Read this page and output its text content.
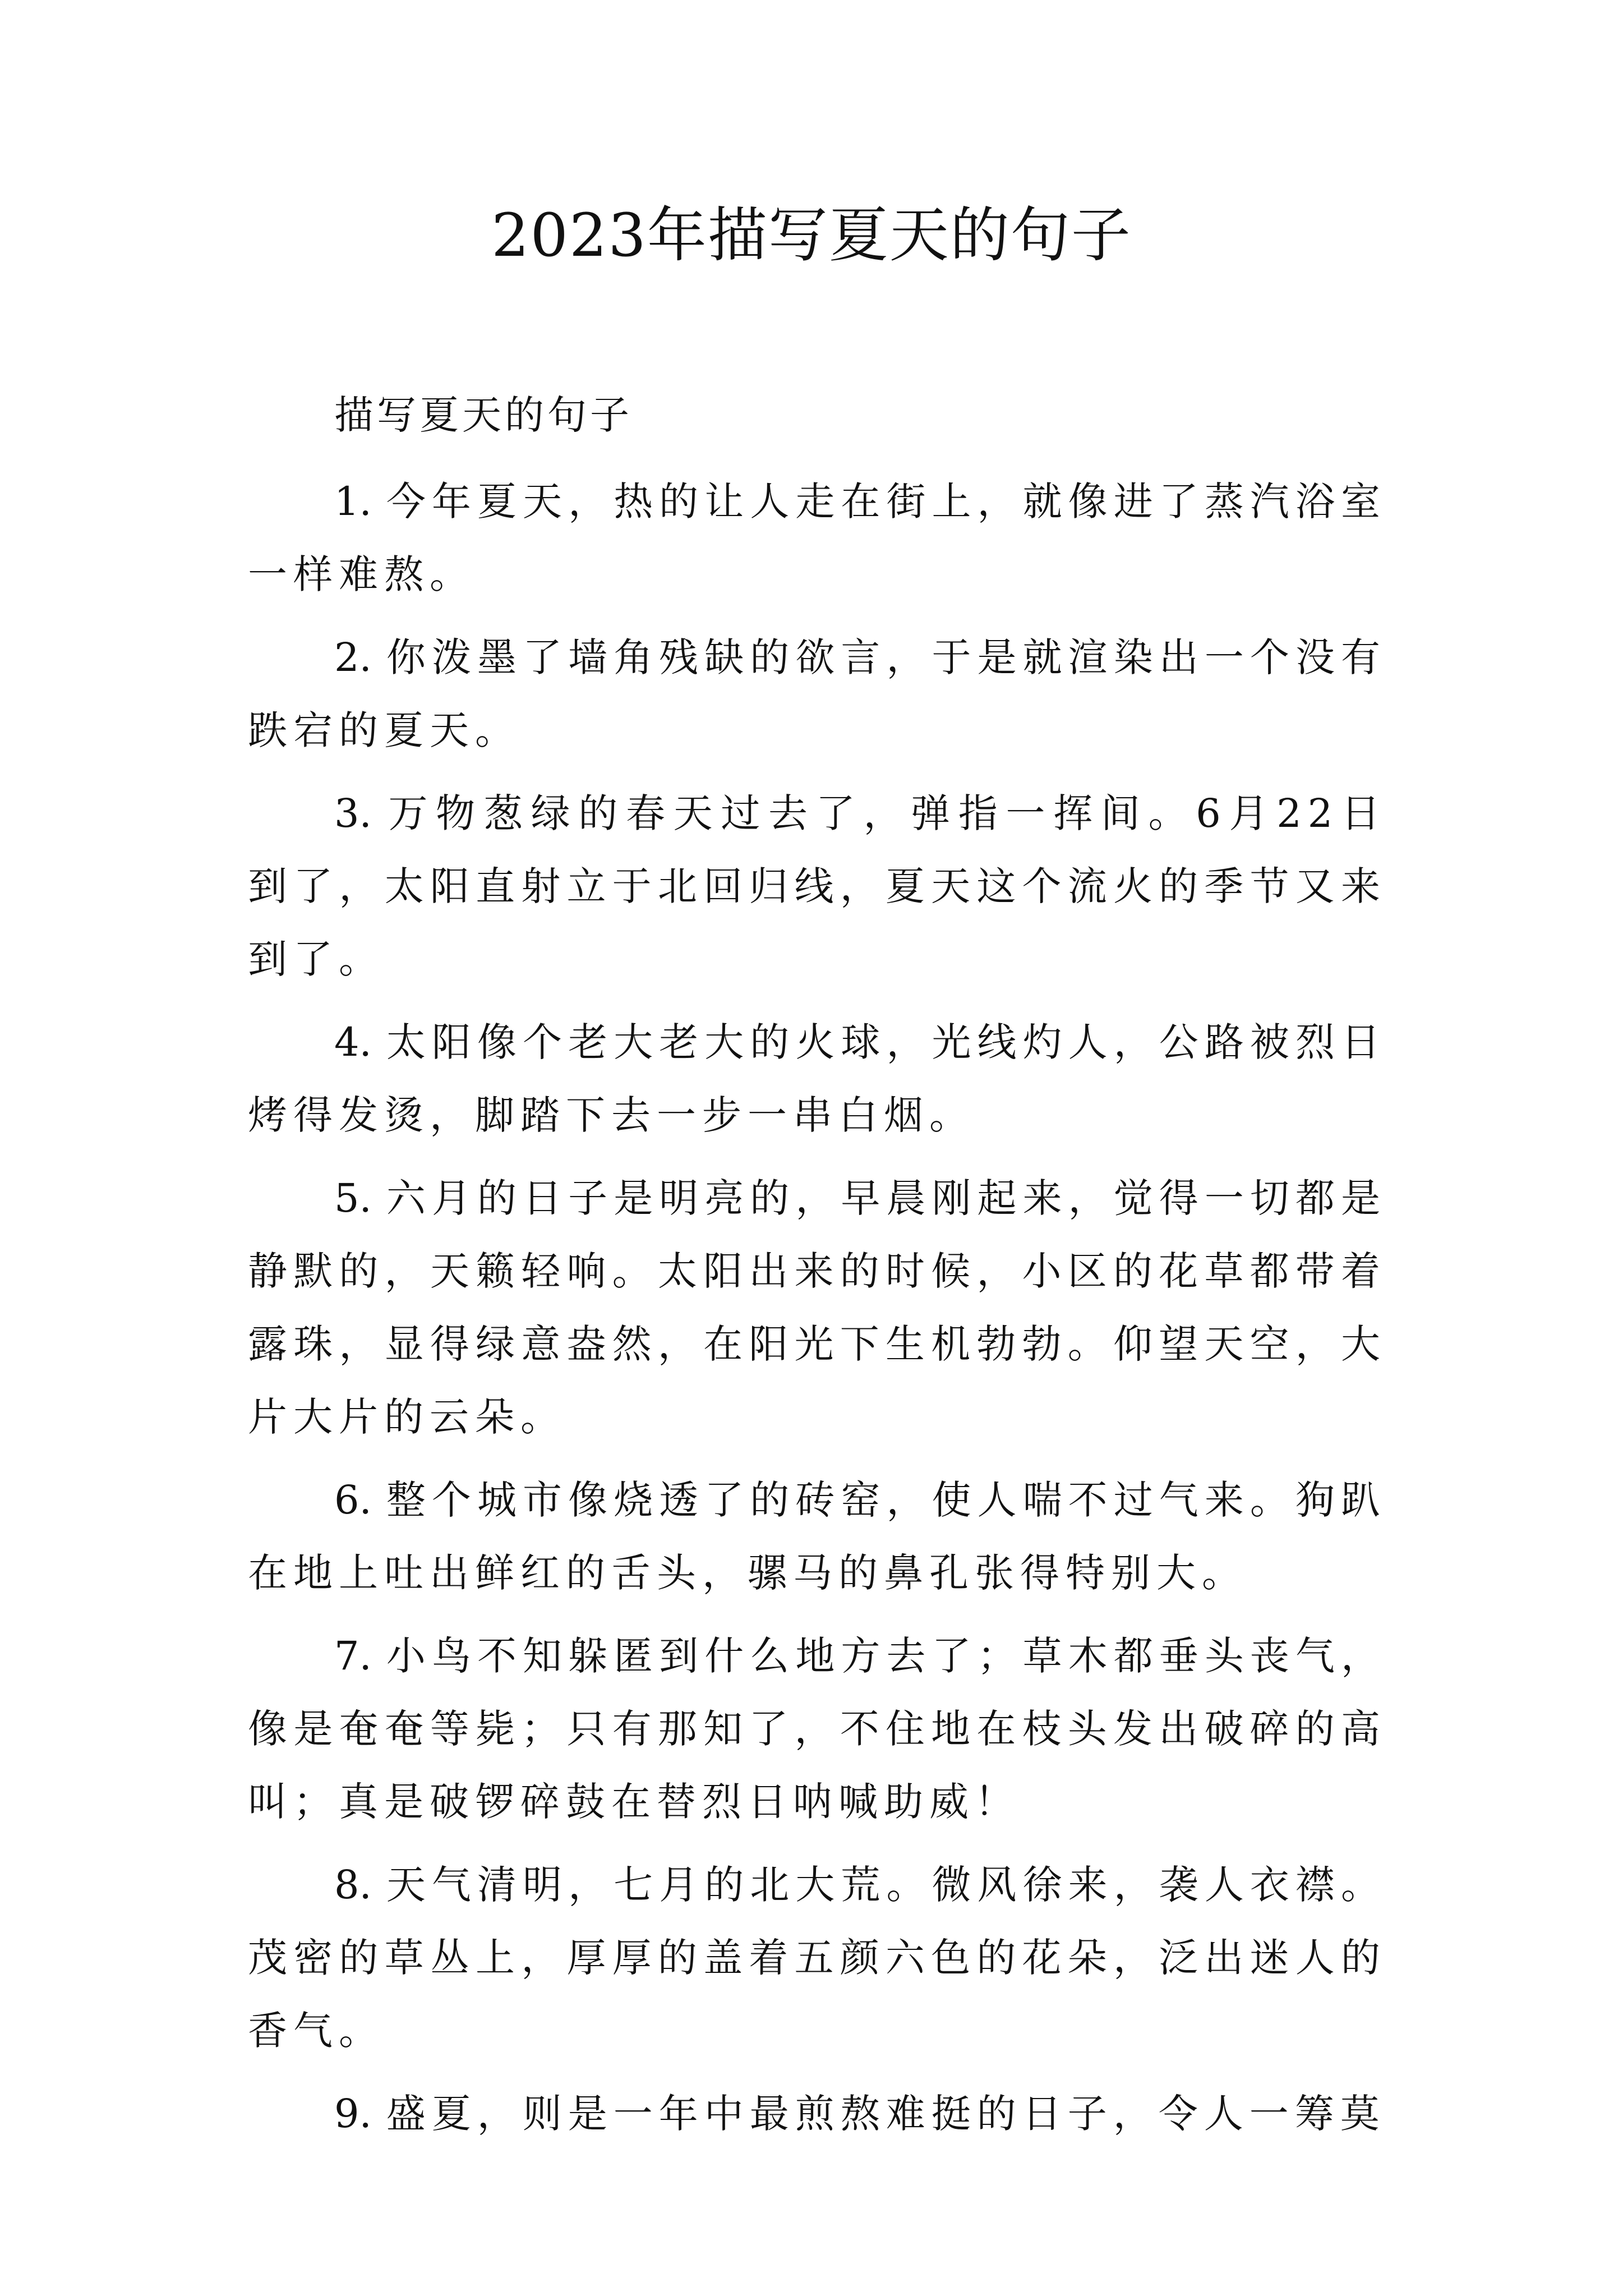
2023年描写夏天的句子

描写夏天的句子

1. 今年夏天，热的让人走在街上，就像进了蒸汽浴室一样难熬。

2. 你泼墨了墙角残缺的欲言，于是就渲染出一个没有跌宕的夏天。

3. 万物葱绿的春天过去了，弹指一挥间。6月22日到了，太阳直射立于北回归线，夏天这个流火的季节又来到了。

4. 太阳像个老大老大的火球，光线灼人，公路被烈日烤得发烫，脚踏下去一步一串白烟。

5. 六月的日子是明亮的，早晨刚起来，觉得一切都是静默的，天籁轻响。太阳出来的时候，小区的花草都带着露珠，显得绿意盎然，在阳光下生机勃勃。仰望天空，大片大片的云朵。

6. 整个城市像烧透了的砖窑，使人喘不过气来。狗趴在地上吐出鲜红的舌头，骡马的鼻孔张得特别大。

7. 小鸟不知躲匿到什么地方去了；草木都垂头丧气，像是奄奄等毙；只有那知了，不住地在枝头发出破碎的高叫；真是破锣碎鼓在替烈日呐喊助威！

8. 天气清明，七月的北大荒。微风徐来，袭人衣襟。茂密的草丛上，厚厚的盖着五颜六色的花朵，泛出迷人的香气。

9. 盛夏，则是一年中最煎熬难挺的日子，令人一筹莫
